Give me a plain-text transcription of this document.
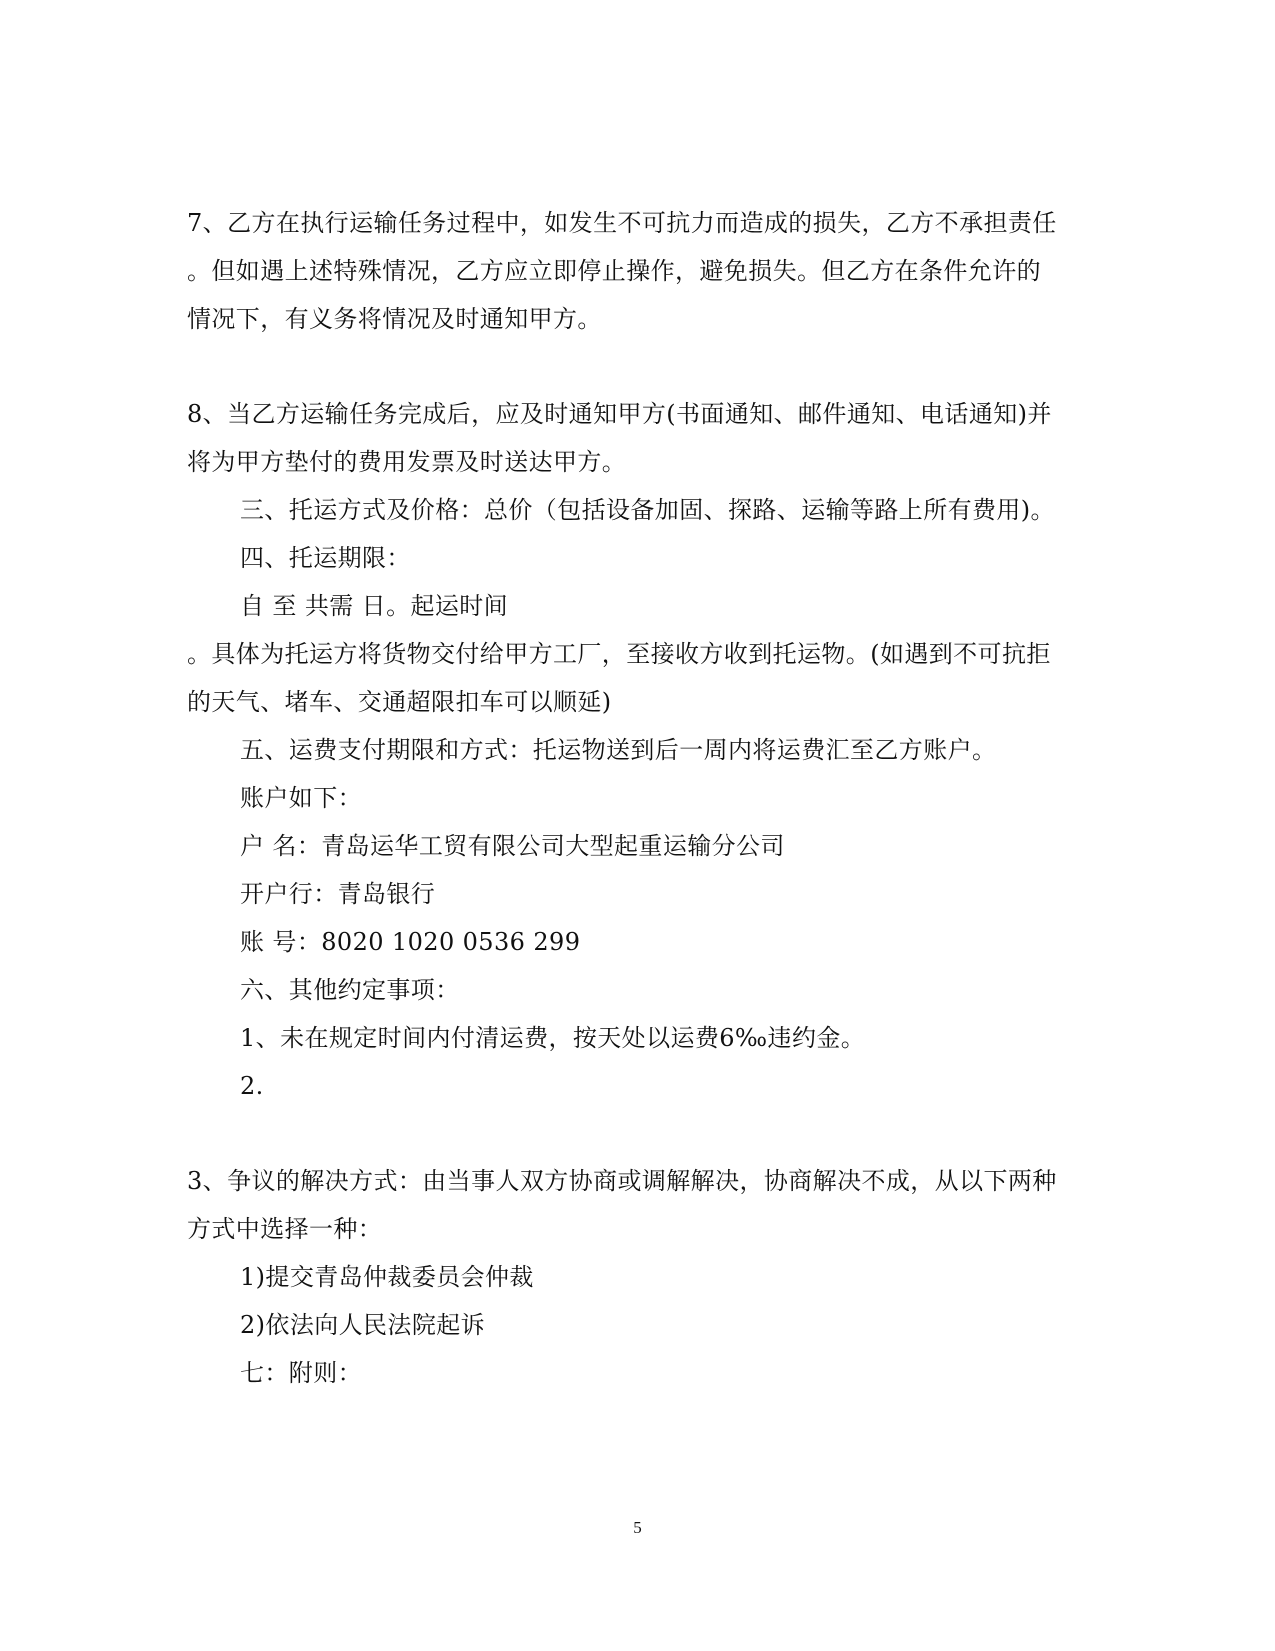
7、乙方在执行运输任务过程中，如发生不可抗力而造成的损失，乙方不承担责任
。但如遇上述特殊情况，乙方应立即停止操作，避免损失。但乙方在条件允许的
情况下，有义务将情况及时通知甲方。
8、当乙方运输任务完成后，应及时通知甲方(书面通知、邮件通知、电话通知)并
将为甲方垫付的费用发票及时送达甲方。
三、托运方式及价格：总价（包括设备加固、探路、运输等路上所有费用)。
四、托运期限：
自 至 共需 日。起运时间
。具体为托运方将货物交付给甲方工厂，至接收方收到托运物。(如遇到不可抗拒
的天气、堵车、交通超限扣车可以顺延)
五、运费支付期限和方式：托运物送到后一周内将运费汇至乙方账户。
账户如下：
户 名：青岛运华工贸有限公司大型起重运输分公司
开户行：青岛银行
账 号：8020 1020 0536 299
六、其他约定事项：
1、未在规定时间内付清运费，按天处以运费6‰违约金。
2.
3、争议的解决方式：由当事人双方协商或调解解决，协商解决不成，从以下两种
方式中选择一种：
1)提交青岛仲裁委员会仲裁
2)依法向人民法院起诉
七：附则：
5
